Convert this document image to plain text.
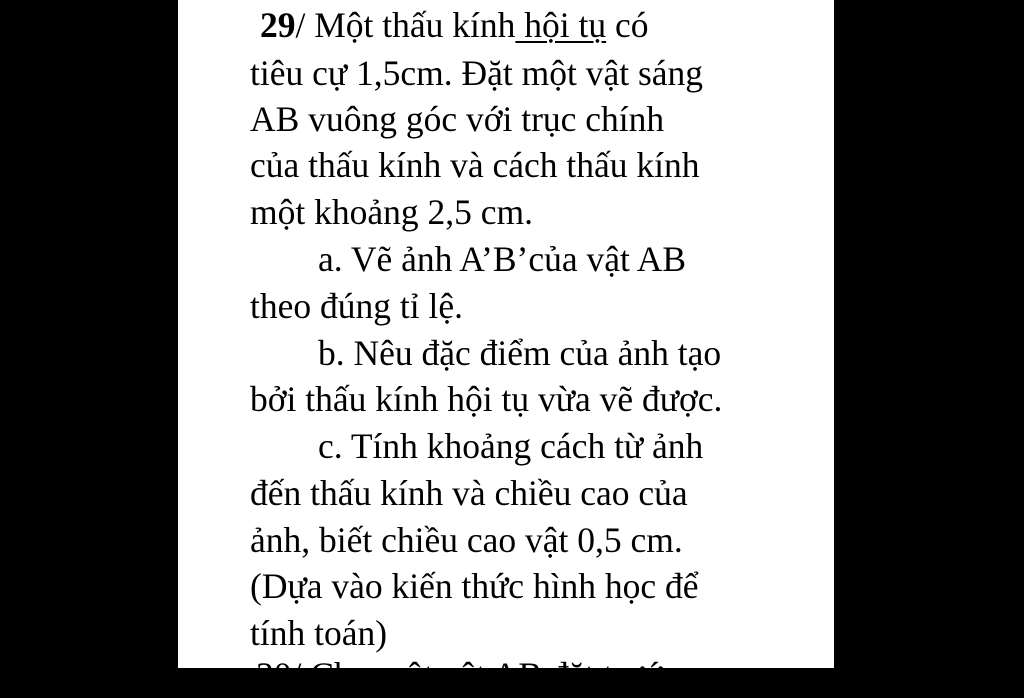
29/ Một thấu kính hội tụ có
tiêu cự 1,5cm. Đặt một vật sáng
AB vuông góc với trục chính
của thấu kính và cách thấu kính
một khoảng 2,5 cm.
a. Vẽ ảnh A’B’của vật AB
theo đúng tỉ lệ.
b. Nêu đặc điểm của ảnh tạo
bởi thấu kính hội tụ vừa vẽ được.
c. Tính khoảng cách từ ảnh
đến thấu kính và chiều cao của
ảnh, biết chiều cao vật 0,5 cm.
(Dựa vào kiến thức hình học để
tính toán)
30/ Cho một vật AB đặt trước
